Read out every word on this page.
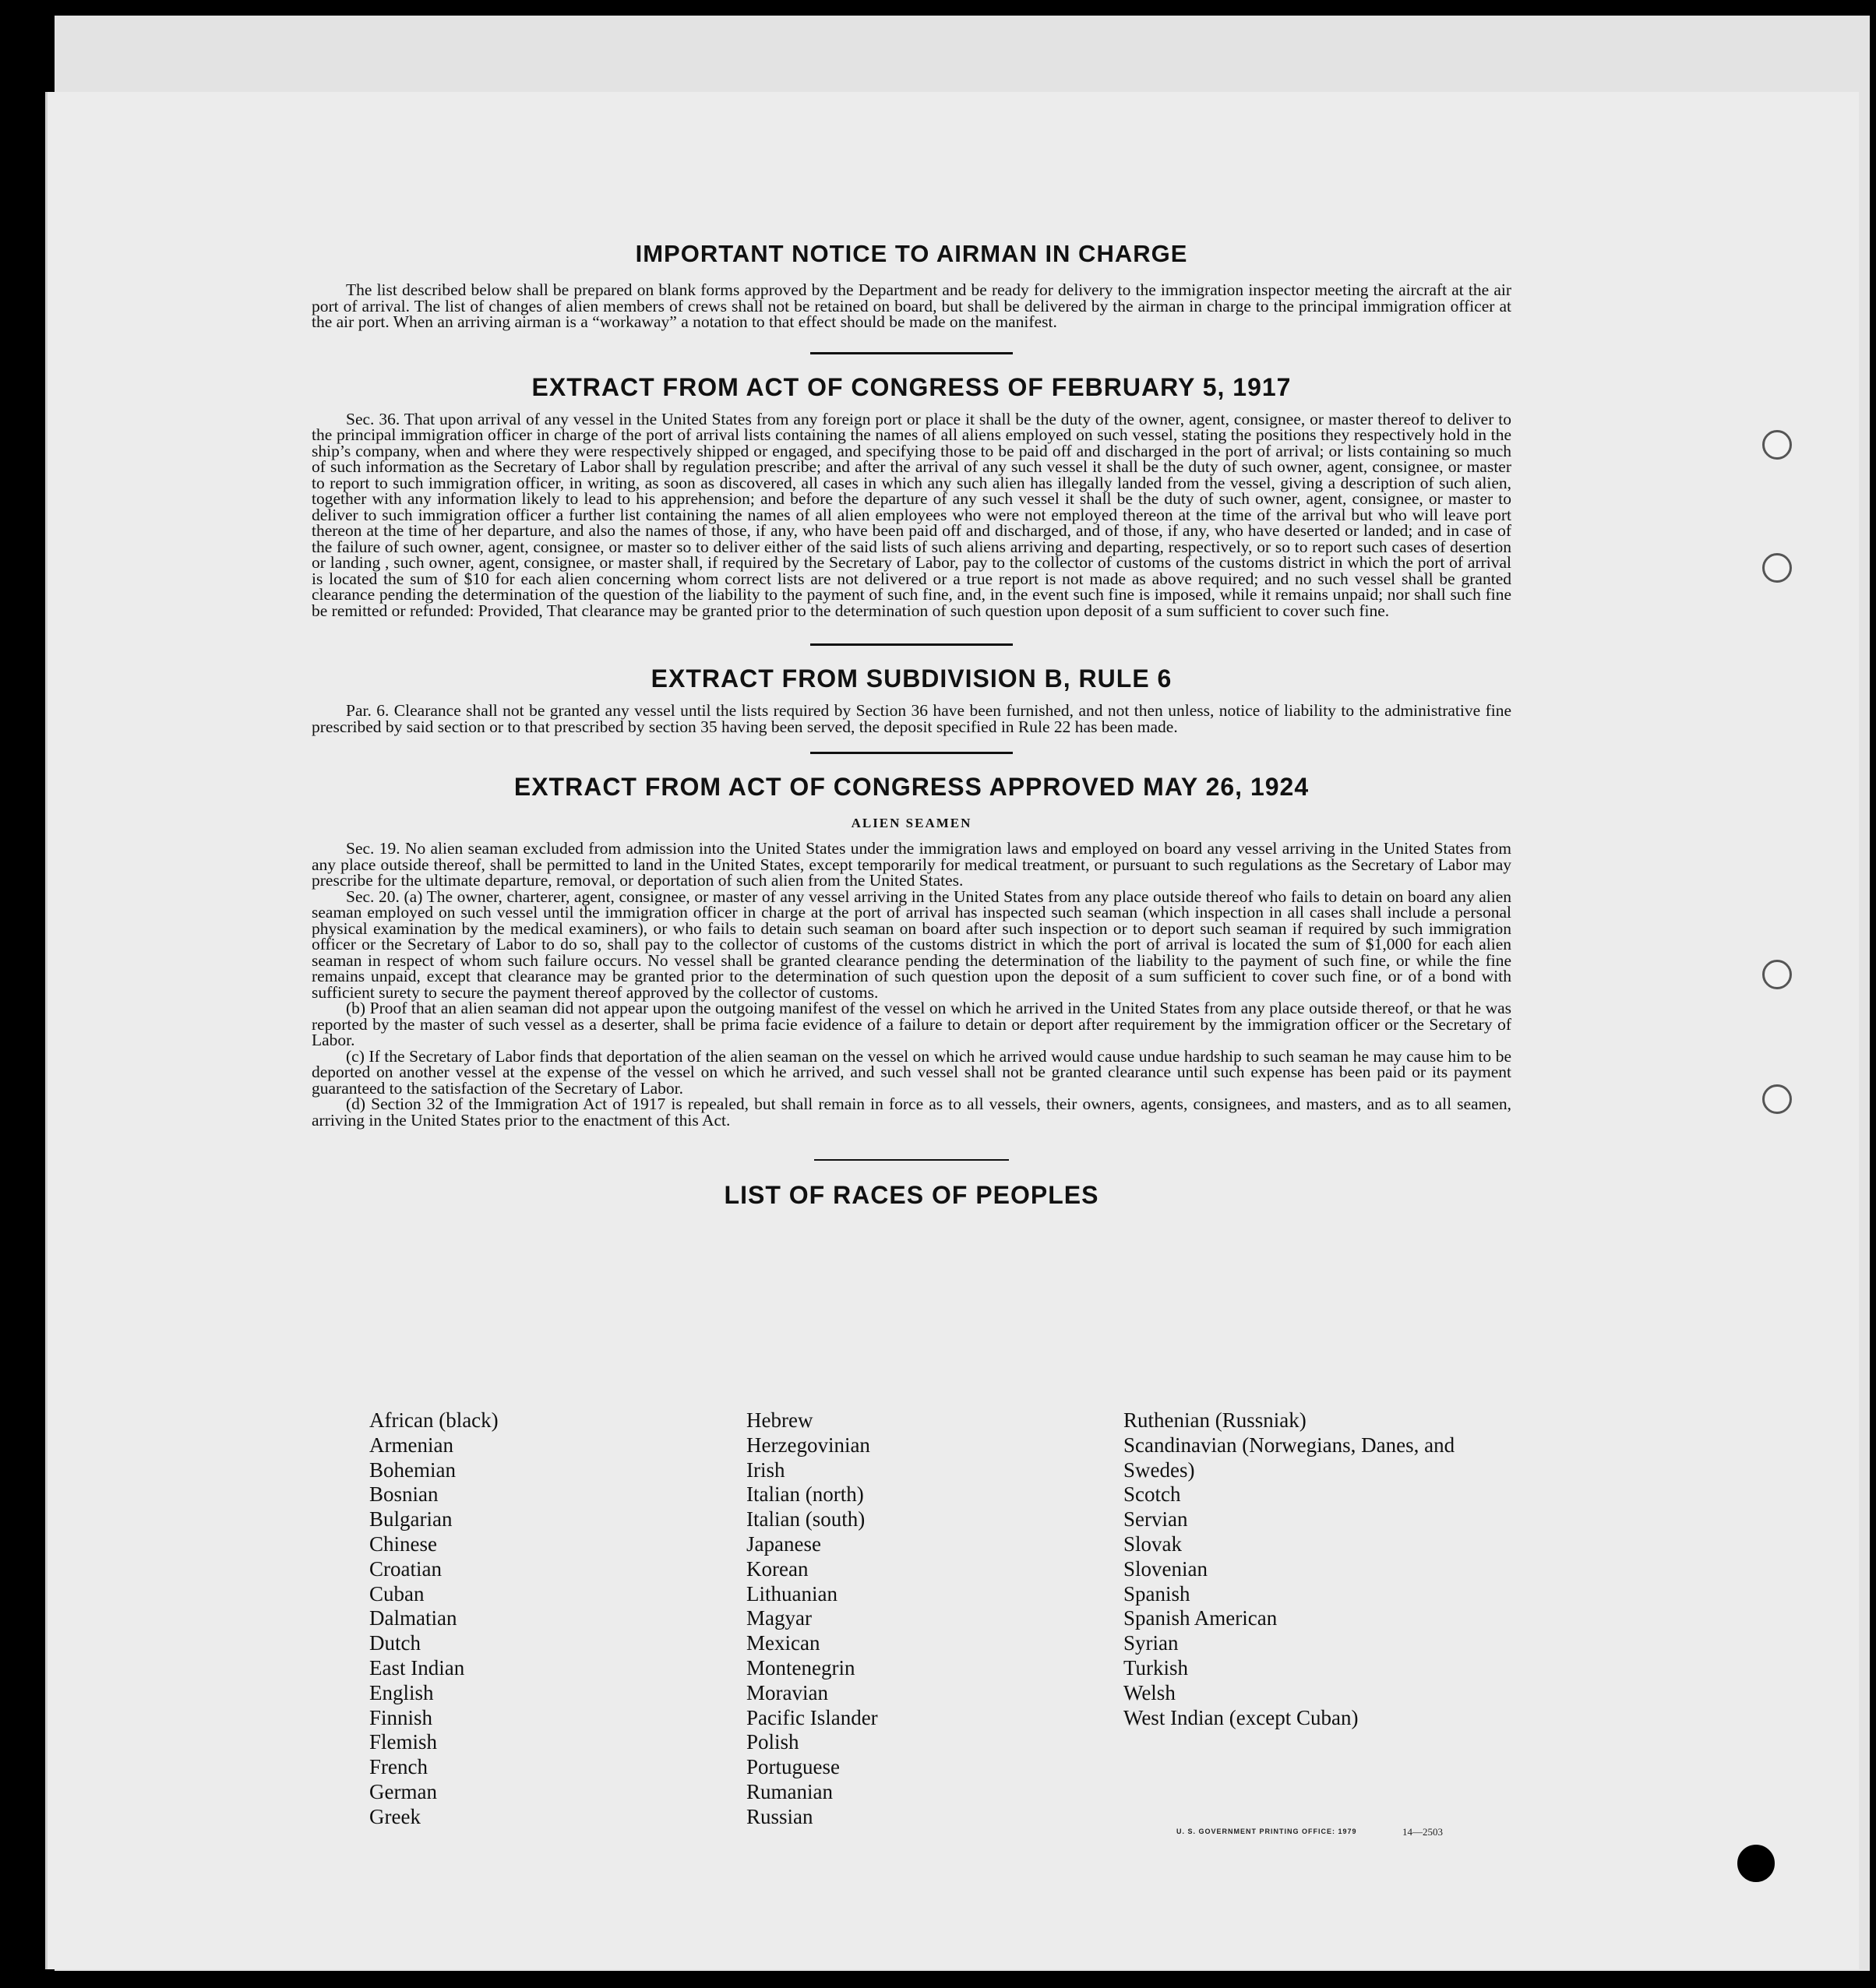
IMPORTANT NOTICE TO AIRMAN IN CHARGE

The list described below shall be prepared on blank forms approved by the Department and be ready for delivery to the immigration inspector meeting the aircraft at the air port of arrival. The list of changes of alien members of crews shall not be retained on board, but shall be delivered by the airman in charge to the principal immigration officer at the air port. When an arriving airman is a “workaway” a notation to that effect should be made on the manifest.

EXTRACT FROM ACT OF CONGRESS OF FEBRUARY 5, 1917

Sec. 36. That upon arrival of any vessel in the United States from any foreign port or place it shall be the duty of the owner, agent, consignee, or master thereof to deliver to the principal immigration officer in charge of the port of arrival lists containing the names of all aliens employed on such vessel, stating the positions they respectively hold in the ship’s company, when and where they were respectively shipped or engaged, and specifying those to be paid off and discharged in the port of arrival; or lists containing so much of such information as the Secretary of Labor shall by regulation prescribe; and after the arrival of any such vessel it shall be the duty of such owner, agent, consignee, or master to report to such immigration officer, in writing, as soon as discovered, all cases in which any such alien has illegally landed from the vessel, giving a description of such alien, together with any information likely to lead to his apprehension; and before the departure of any such vessel it shall be the duty of such owner, agent, consignee, or master to deliver to such immigration officer a further list containing the names of all alien employees who were not employed thereon at the time of the arrival but who will leave port thereon at the time of her departure, and also the names of those, if any, who have been paid off and discharged, and of those, if any, who have deserted or landed; and in case of the failure of such owner, agent, consignee, or master so to deliver either of the said lists of such aliens arriving and departing, respectively, or so to report such cases of desertion or landing , such owner, agent, consignee, or master shall, if required by the Secretary of Labor, pay to the collector of customs of the customs district in which the port of arrival is located the sum of $10 for each alien concerning whom correct lists are not delivered or a true report is not made as above required; and no such vessel shall be granted clearance pending the determination of the question of the liability to the payment of such fine, and, in the event such fine is imposed, while it remains unpaid; nor shall such fine be remitted or refunded: Provided, That clearance may be granted prior to the determination of such question upon deposit of a sum sufficient to cover such fine.

EXTRACT FROM SUBDIVISION B, RULE 6

Par. 6. Clearance shall not be granted any vessel until the lists required by Section 36 have been furnished, and not then unless, notice of liability to the administrative fine prescribed by said section or to that prescribed by section 35 having been served, the deposit specified in Rule 22 has been made.

EXTRACT FROM ACT OF CONGRESS APPROVED MAY 26, 1924

ALIEN SEAMEN

Sec. 19. No alien seaman excluded from admission into the United States under the immigration laws and employed on board any vessel arriving in the United States from any place outside thereof, shall be permitted to land in the United States, except temporarily for medical treatment, or pursuant to such regulations as the Secretary of Labor may prescribe for the ultimate departure, removal, or deportation of such alien from the United States.

Sec. 20. (a) The owner, charterer, agent, consignee, or master of any vessel arriving in the United States from any place outside thereof who fails to detain on board any alien seaman employed on such vessel until the immigration officer in charge at the port of arrival has inspected such seaman (which inspection in all cases shall include a personal physical examination by the medical examiners), or who fails to detain such seaman on board after such inspection or to deport such seaman if required by such immigration officer or the Secretary of Labor to do so, shall pay to the collector of customs of the customs district in which the port of arrival is located the sum of $1,000 for each alien seaman in respect of whom such failure occurs. No vessel shall be granted clearance pending the determination of the liability to the payment of such fine, or while the fine remains unpaid, except that clearance may be granted prior to the determination of such question upon the deposit of a sum sufficient to cover such fine, or of a bond with sufficient surety to secure the payment thereof approved by the collector of customs.

(b) Proof that an alien seaman did not appear upon the outgoing manifest of the vessel on which he arrived in the United States from any place outside thereof, or that he was reported by the master of such vessel as a deserter, shall be prima facie evidence of a failure to detain or deport after requirement by the immigration officer or the Secretary of Labor.

(c) If the Secretary of Labor finds that deportation of the alien seaman on the vessel on which he arrived would cause undue hardship to such seaman he may cause him to be deported on another vessel at the expense of the vessel on which he arrived, and such vessel shall not be granted clearance until such expense has been paid or its payment guaranteed to the satisfaction of the Secretary of Labor.

(d) Section 32 of the Immigration Act of 1917 is repealed, but shall remain in force as to all vessels, their owners, agents, consignees, and masters, and as to all seamen, arriving in the United States prior to the enactment of this Act.

LIST OF RACES OF PEOPLES
African (black)
Armenian
Bohemian
Bosnian
Bulgarian
Chinese
Croatian
Cuban
Dalmatian
Dutch
East Indian
English
Finnish
Flemish
French
German
Greek
Hebrew
Herzegovinian
Irish
Italian (north)
Italian (south)
Japanese
Korean
Lithuanian
Magyar
Mexican
Montenegrin
Moravian
Pacific Islander
Polish
Portuguese
Rumanian
Russian
Ruthenian (Russniak)
Scandinavian (Norwegians, Danes, and Swedes)
Scotch
Servian
Slovak
Slovenian
Spanish
Spanish American
Syrian
Turkish
Welsh
West Indian (except Cuban)
U. S. GOVERNMENT PRINTING OFFICE: 1979	14—2503
